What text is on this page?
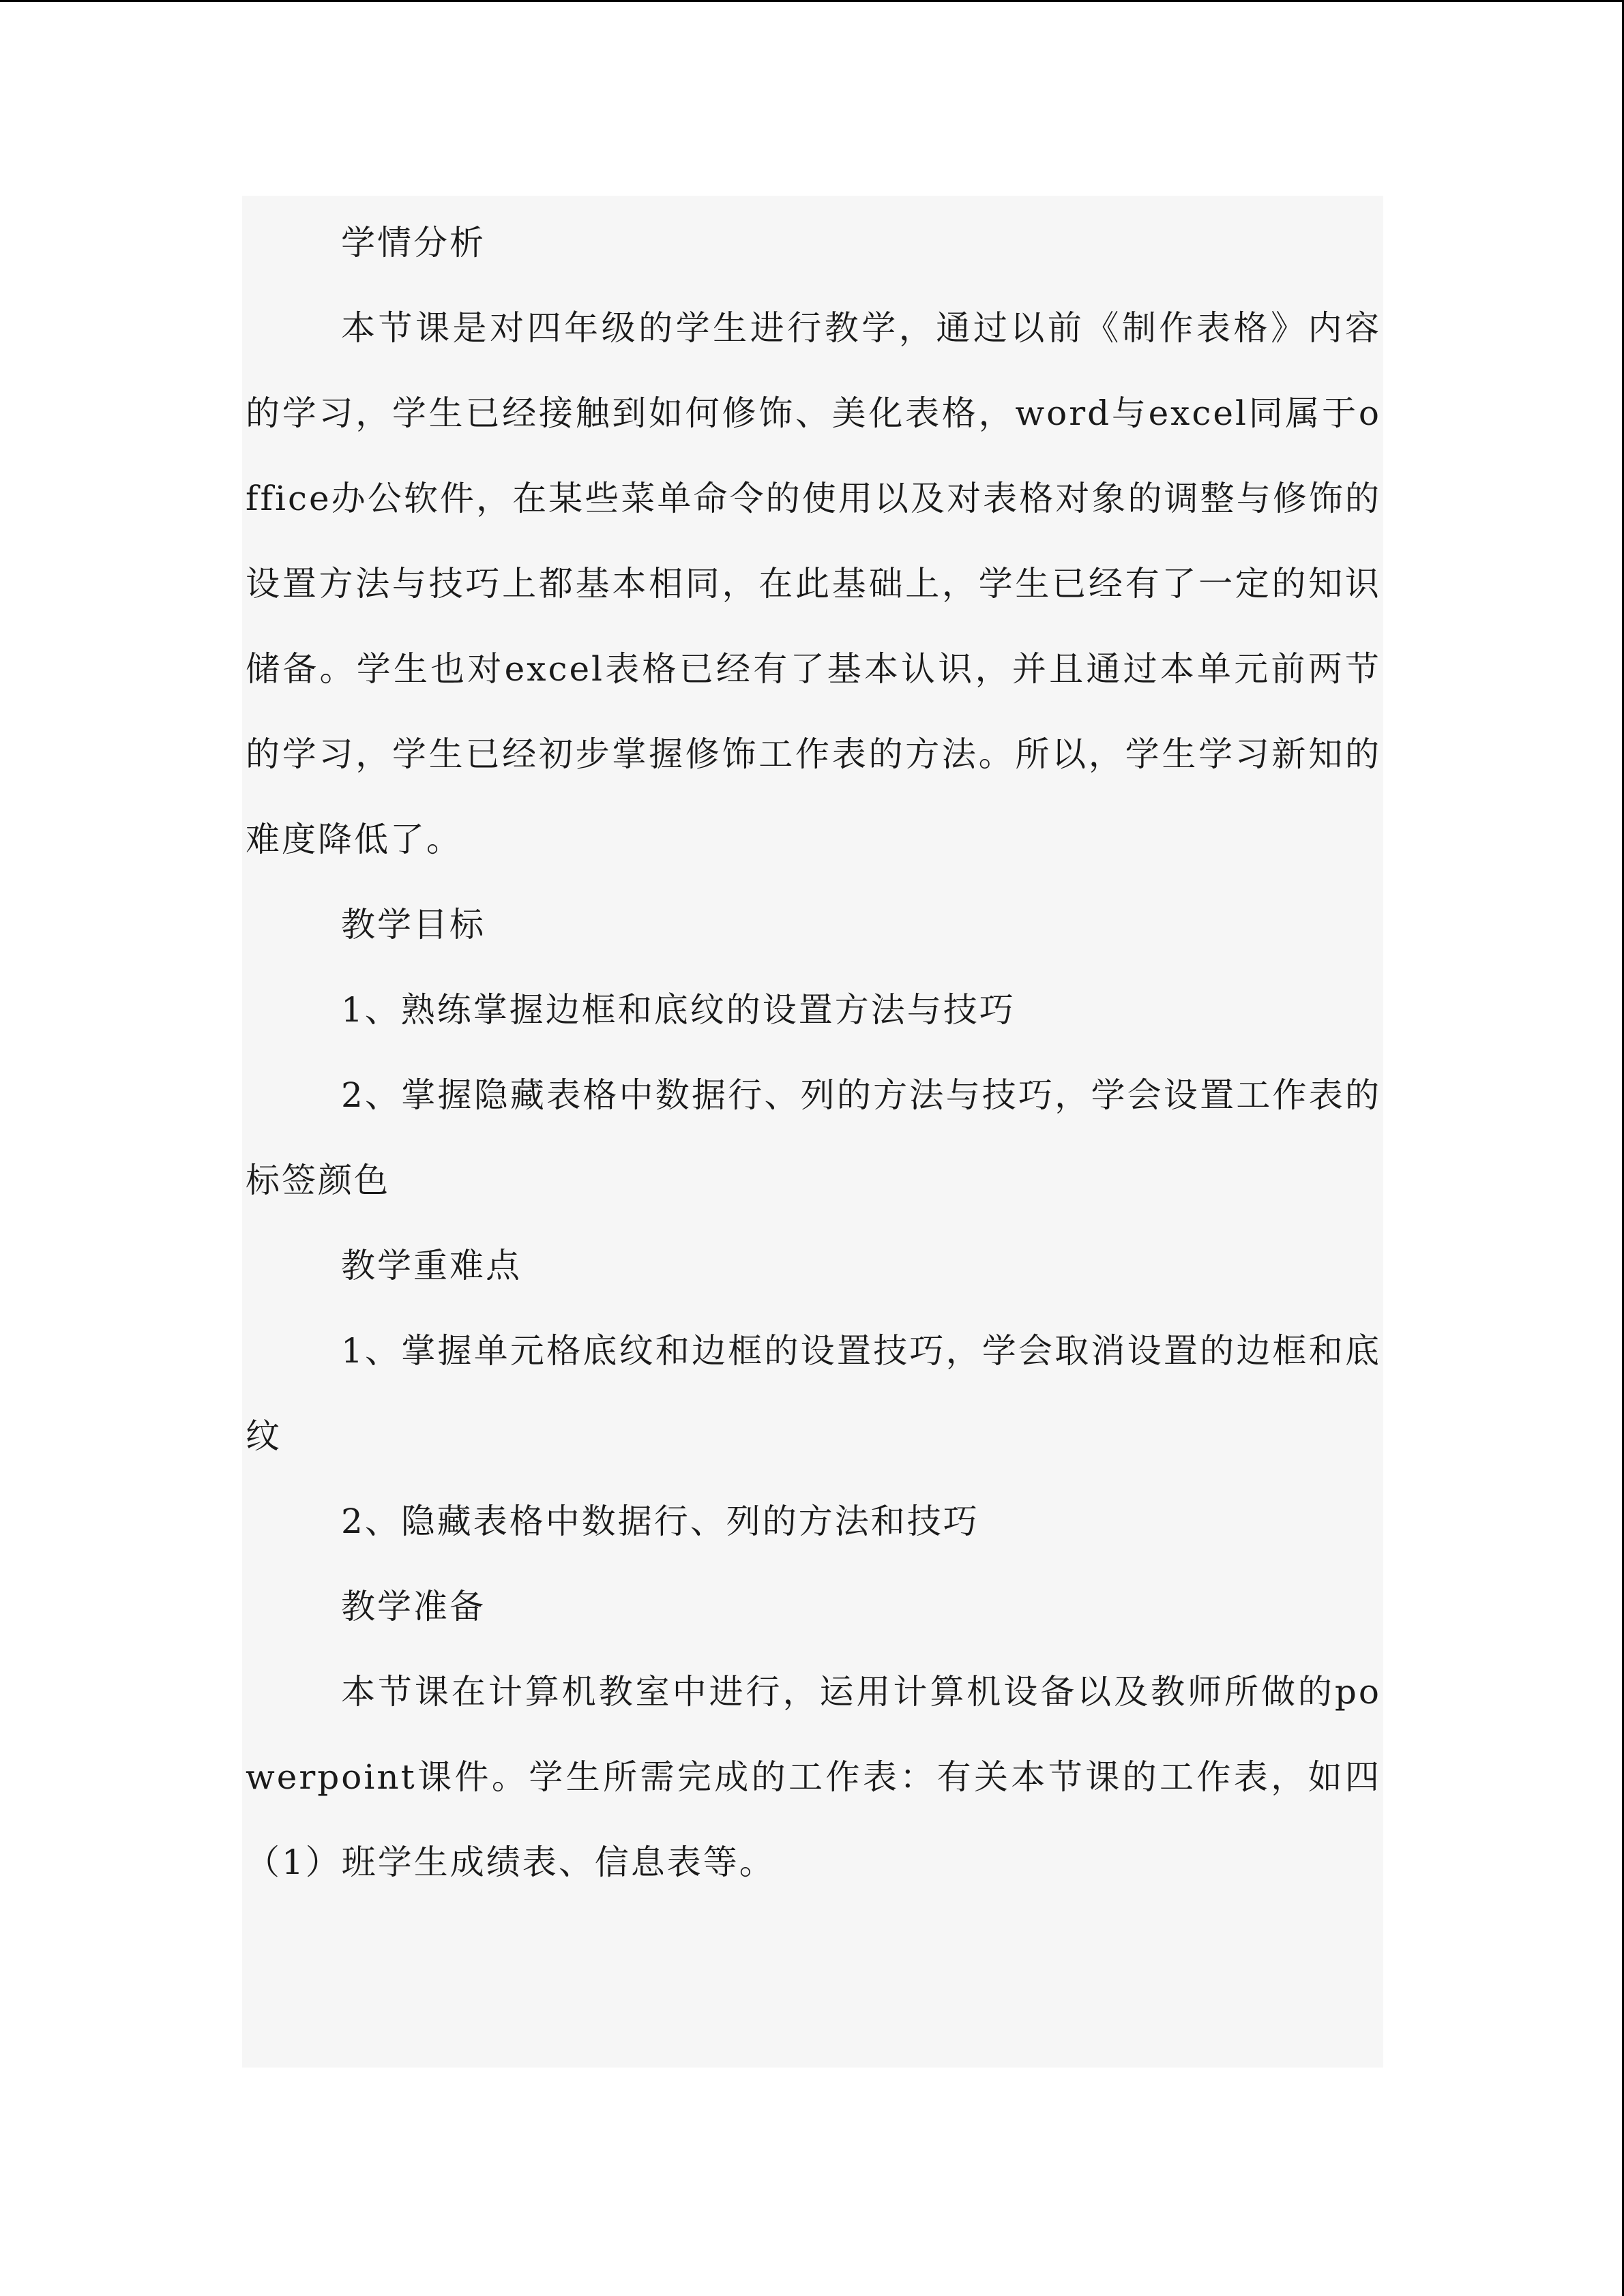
学情分析

本节课是对四年级的学生进行教学，通过以前《制作表格》内容的学习，学生已经接触到如何修饰、美化表格，word与excel同属于office办公软件，在某些菜单命令的使用以及对表格对象的调整与修饰的设置方法与技巧上都基本相同，在此基础上，学生已经有了一定的知识储备。学生也对excel表格已经有了基本认识，并且通过本单元前两节的学习，学生已经初步掌握修饰工作表的方法。所以，学生学习新知的难度降低了。

教学目标

1、熟练掌握边框和底纹的设置方法与技巧

2、掌握隐藏表格中数据行、列的方法与技巧，学会设置工作表的标签颜色

教学重难点

1、掌握单元格底纹和边框的设置技巧，学会取消设置的边框和底纹

2、隐藏表格中数据行、列的方法和技巧

教学准备

本节课在计算机教室中进行，运用计算机设备以及教师所做的powerpoint课件。学生所需完成的工作表：有关本节课的工作表，如四（1）班学生成绩表、信息表等。
